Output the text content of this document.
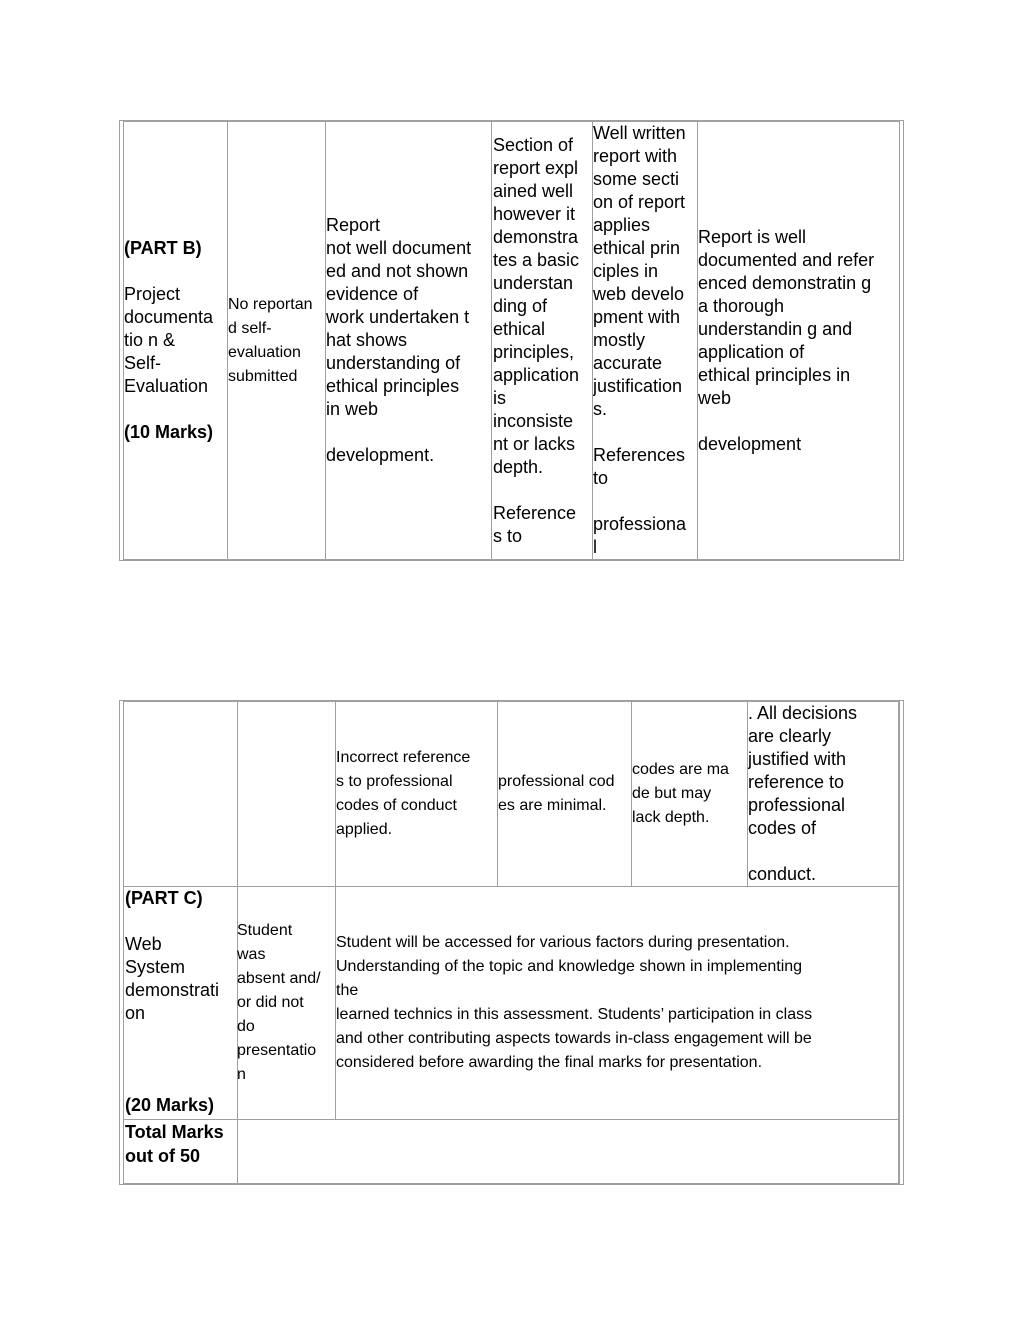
(PART B)
Project
documenta
tio n &
Self-
Evaluation
(10 Marks)
No reportan
d self-
evaluation
submitted
Report
not well document
ed and not shown
evidence of
work undertaken t
hat shows
understanding of
ethical principles
in web

development.
Section of
report expl
ained well
however it
demonstra
tes a basic
understan
ding of
ethical
principles,
application
is
inconsiste
nt or lacks
depth.

Reference
s to
Well written
report with
some secti
on of report
applies
ethical prin
ciples in
web develo
pment with
mostly
accurate
justification
s.

References
to

professiona
l
Report is well
documented and refer
enced demonstratin g
a thorough
understandin g and
application of
ethical principles in
web

development
Incorrect reference
s to professional
codes of conduct
applied.
professional cod
es are minimal.
codes are ma
de but may
lack depth.
. All decisions
are clearly
justified with
reference to
professional
codes of

conduct.
(PART C)
Web
System
demonstrati
on
(20 Marks)
Student
was
absent and/
or did not
do
presentatio
n
Student will be accessed for various factors during presentation.
Understanding of the topic and knowledge shown in implementing
the
learned technics in this assessment. Students’ participation in class
and other contributing aspects towards in-class engagement will be
considered before awarding the final marks for presentation.
Total Marks
out of 50
